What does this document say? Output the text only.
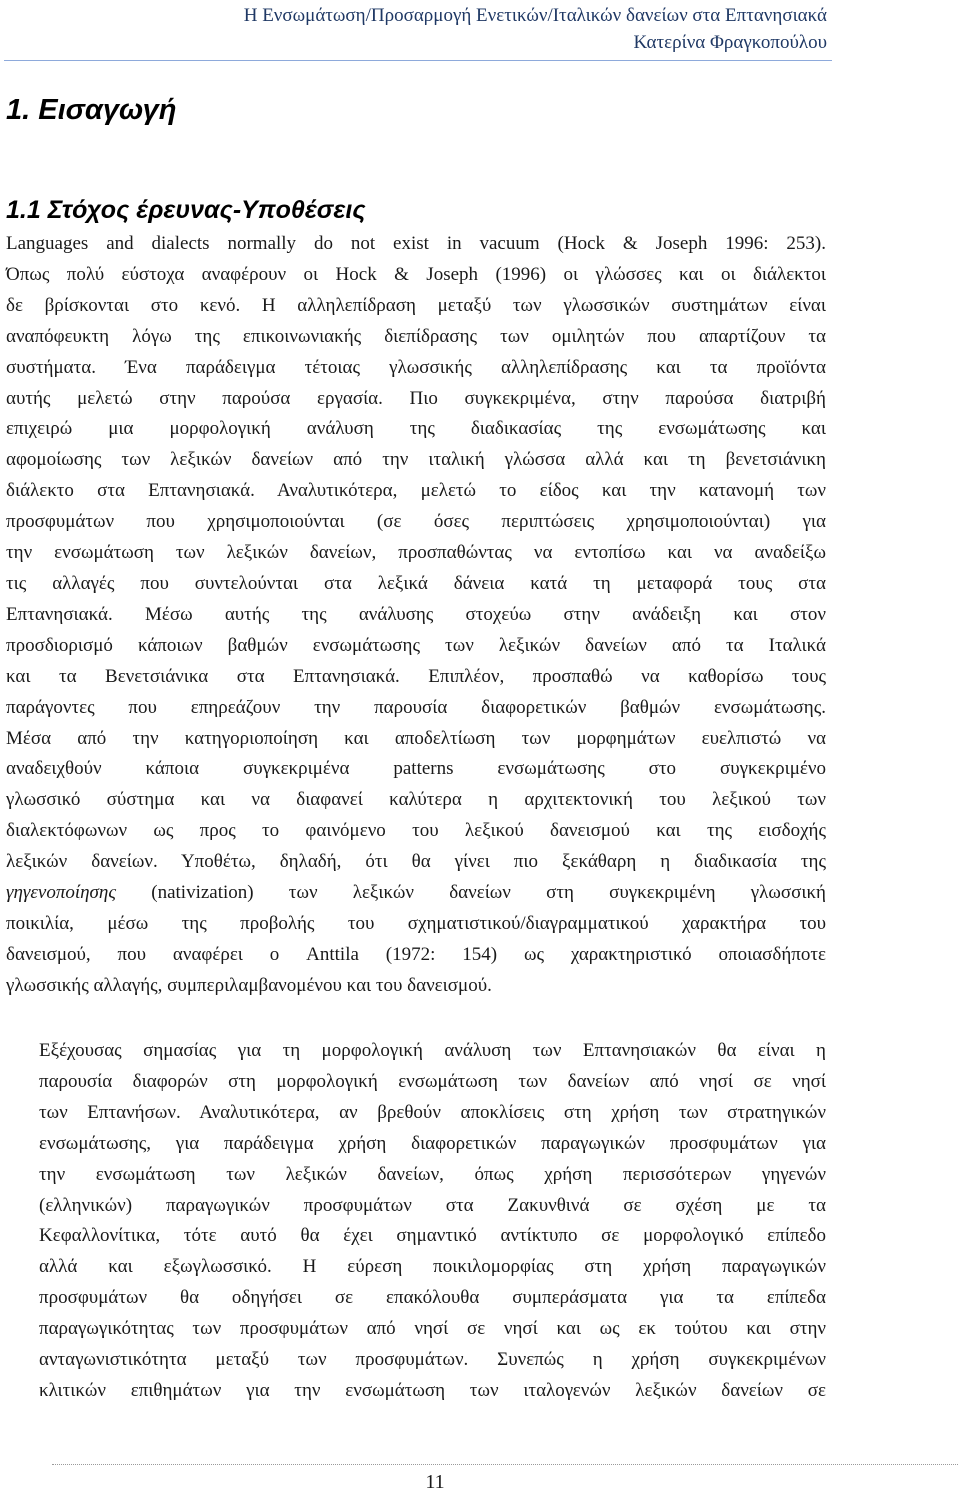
Η Ενσωμάτωση/Προσαρμογή Ενετικών/Ιταλικών δανείων στα Επτανησιακά
Κατερίνα Φραγκοπούλου
1. Εισαγωγή
1.1 Στόχος έρευνας-Υποθέσεις
Languages and dialects normally do not exist in vacuum (Hock & Joseph 1996: 253).
Όπως πολύ εύστοχα αναφέρουν οι Hock & Joseph (1996) οι γλώσσες και οι διάλεκτοι
δε βρίσκονται στο κενό. Η αλληλεπίδραση μεταξύ των γλωσσικών συστημάτων είναι
αναπόφευκτη λόγω της επικοινωνιακής διεπίδρασης των ομιλητών που απαρτίζουν τα
συστήματα. Ένα παράδειγμα τέτοιας γλωσσικής αλληλεπίδρασης και τα προϊόντα
αυτής μελετώ στην παρούσα εργασία. Πιο συγκεκριμένα, στην παρούσα διατριβή
επιχειρώ μια μορφολογική ανάλυση της διαδικασίας της ενσωμάτωσης και
αφομοίωσης των λεξικών δανείων από την ιταλική γλώσσα αλλά και τη βενετσιάνικη
διάλεκτο στα Επτανησιακά. Αναλυτικότερα, μελετώ το είδος και την κατανομή των
προσφυμάτων που χρησιμοποιούνται (σε όσες περιπτώσεις χρησιμοποιούνται) για
την ενσωμάτωση των λεξικών δανείων, προσπαθώντας να εντοπίσω και να αναδείξω
τις αλλαγές που συντελούνται στα λεξικά δάνεια κατά τη μεταφορά τους στα
Επτανησιακά. Μέσω αυτής της ανάλυσης στοχεύω στην ανάδειξη και στον
προσδιορισμό κάποιων βαθμών ενσωμάτωσης των λεξικών δανείων από τα Ιταλικά
και τα Βενετσιάνικα στα Επτανησιακά. Επιπλέον, προσπαθώ να καθορίσω τους
παράγοντες που επηρεάζουν την παρουσία διαφορετικών βαθμών ενσωμάτωσης.
Μέσα από την κατηγοριοποίηση και αποδελτίωση των μορφημάτων ευελπιστώ να
αναδειχθούν κάποια συγκεκριμένα patterns ενσωμάτωσης στο συγκεκριμένο
γλωσσικό σύστημα και να διαφανεί καλύτερα η αρχιτεκτονική του λεξικού των
διαλεκτόφωνων ως προς το φαινόμενο του λεξικού δανεισμού και της εισδοχής
λεξικών δανείων. Υποθέτω, δηλαδή, ότι θα γίνει πιο ξεκάθαρη η διαδικασία της
γηγενοποίησης (nativization) των λεξικών δανείων στη συγκεκριμένη γλωσσική
ποικιλία, μέσω της προβολής του σχηματιστικού/διαγραμματικού χαρακτήρα του
δανεισμού, που αναφέρει ο Anttila (1972: 154) ως χαρακτηριστικό οποιασδήποτε
γλωσσικής αλλαγής, συμπεριλαμβανομένου και του δανεισμού.
Εξέχουσας σημασίας για τη μορφολογική ανάλυση των Επτανησιακών θα είναι η
παρουσία διαφορών στη μορφολογική ενσωμάτωση των δανείων από νησί σε νησί
των Επτανήσων. Αναλυτικότερα, αν βρεθούν αποκλίσεις στη χρήση των στρατηγικών
ενσωμάτωσης, για παράδειγμα χρήση διαφορετικών παραγωγικών προσφυμάτων για
την ενσωμάτωση των λεξικών δανείων, όπως χρήση περισσότερων γηγενών
(ελληνικών) παραγωγικών προσφυμάτων στα Ζακυνθινά σε σχέση με τα
Κεφαλλονίτικα, τότε αυτό θα έχει σημαντικό αντίκτυπο σε μορφολογικό επίπεδο
αλλά και εξωγλωσσικό. Η εύρεση ποικιλομορφίας στη χρήση παραγωγικών
προσφυμάτων θα οδηγήσει σε επακόλουθα συμπεράσματα για τα επίπεδα
παραγωγικότητας των προσφυμάτων από νησί σε νησί και ως εκ τούτου και στην
ανταγωνιστικότητα μεταξύ των προσφυμάτων. Συνεπώς η χρήση συγκεκριμένων
κλιτικών επιθημάτων για την ενσωμάτωση των ιταλογενών λεξικών δανείων σε
11
